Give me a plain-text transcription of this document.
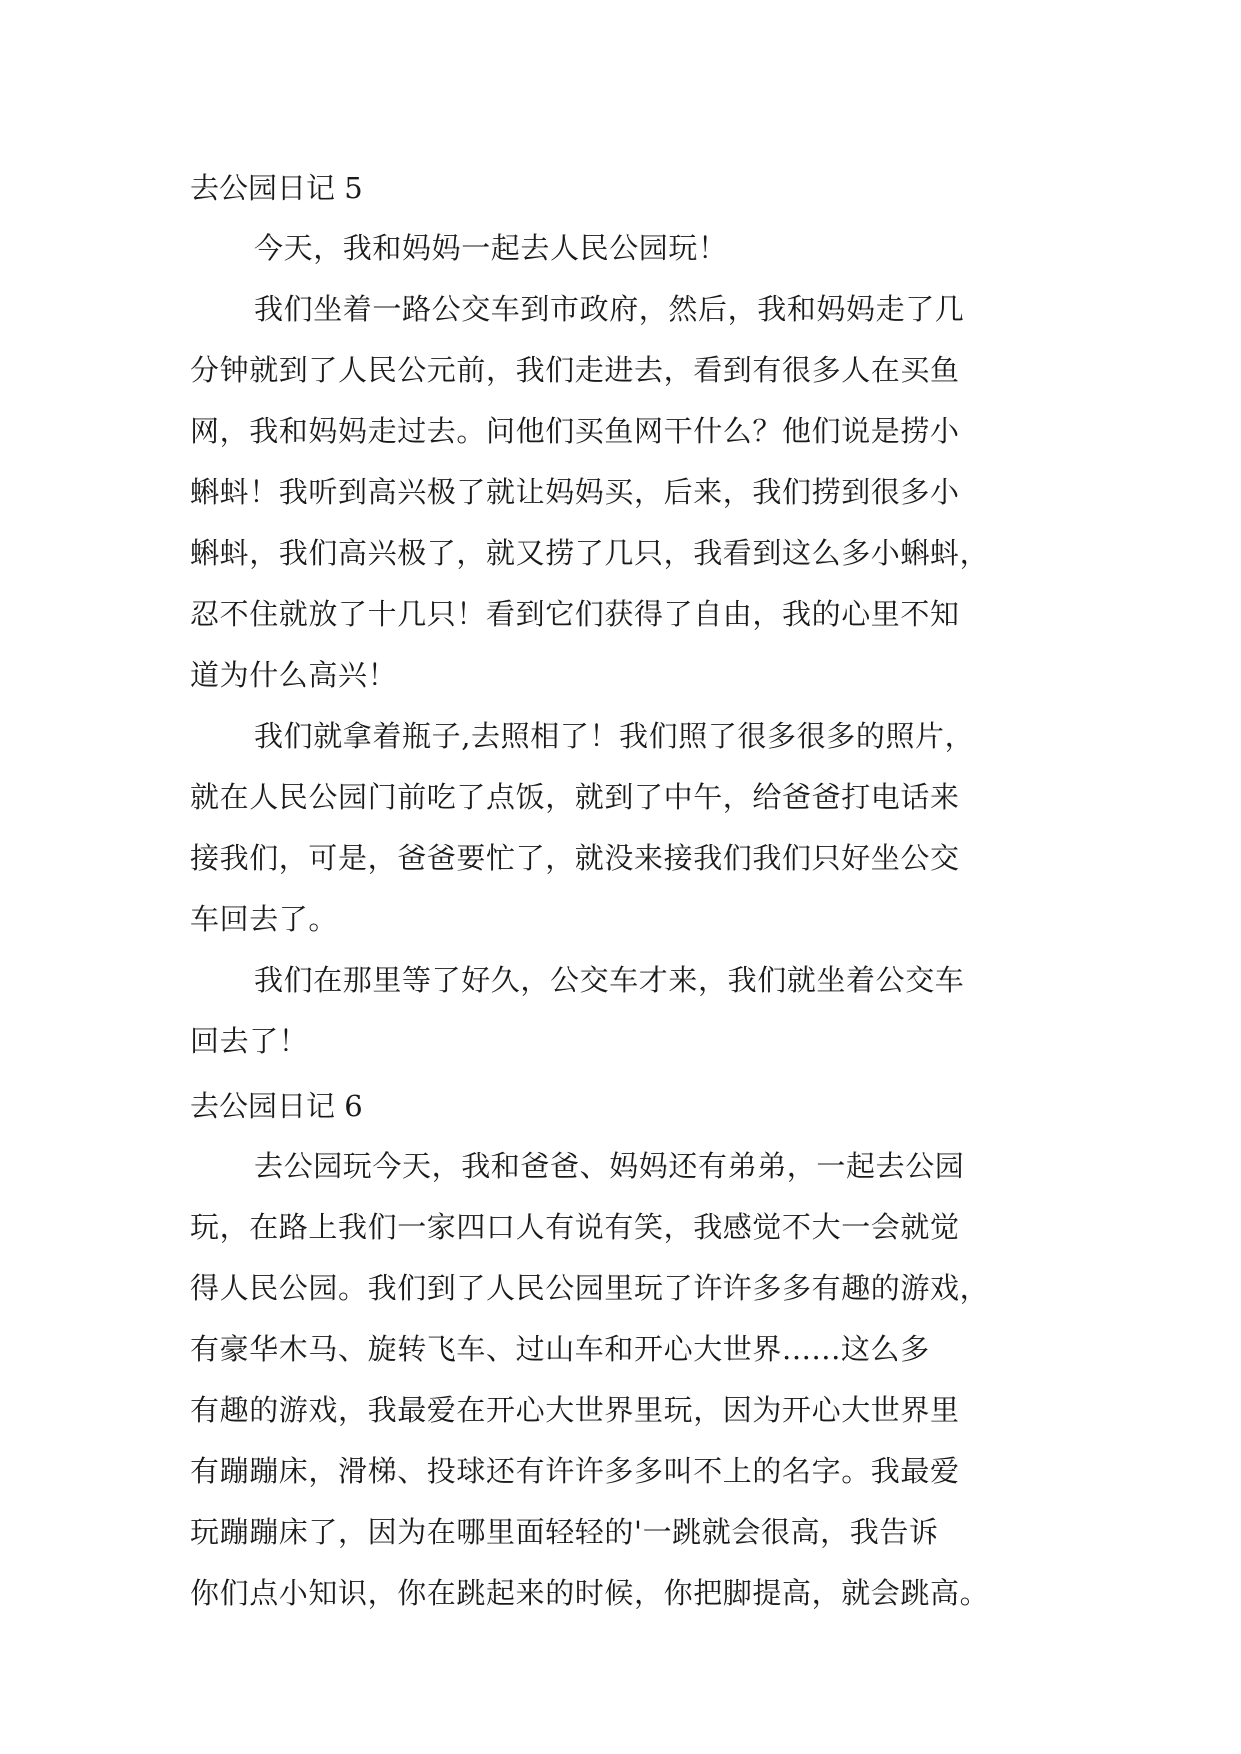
去公园日记 5

今天，我和妈妈一起去人民公园玩！

我们坐着一路公交车到市政府，然后，我和妈妈走了几
分钟就到了人民公元前，我们走进去，看到有很多人在买鱼
网，我和妈妈走过去。问他们买鱼网干什么？他们说是捞小
蝌蚪！我听到高兴极了就让妈妈买，后来，我们捞到很多小
蝌蚪，我们高兴极了，就又捞了几只，我看到这么多小蝌蚪，
忍不住就放了十几只！看到它们获得了自由，我的心里不知
道为什么高兴！

我们就拿着瓶子,去照相了！我们照了很多很多的照片，
就在人民公园门前吃了点饭，就到了中午，给爸爸打电话来
接我们，可是，爸爸要忙了，就没来接我们我们只好坐公交
车回去了。

我们在那里等了好久，公交车才来，我们就坐着公交车
回去了！

去公园日记 6

去公园玩今天，我和爸爸、妈妈还有弟弟，一起去公园
玩，在路上我们一家四口人有说有笑，我感觉不大一会就觉
得人民公园。我们到了人民公园里玩了许许多多有趣的游戏，
有豪华木马、旋转飞车、过山车和开心大世界......这么多
有趣的游戏，我最爱在开心大世界里玩，因为开心大世界里
有蹦蹦床，滑梯、投球还有许许多多叫不上的名字。我最爱
玩蹦蹦床了，因为在哪里面轻轻的'一跳就会很高，我告诉
你们点小知识，你在跳起来的时候，你把脚提高，就会跳高。
